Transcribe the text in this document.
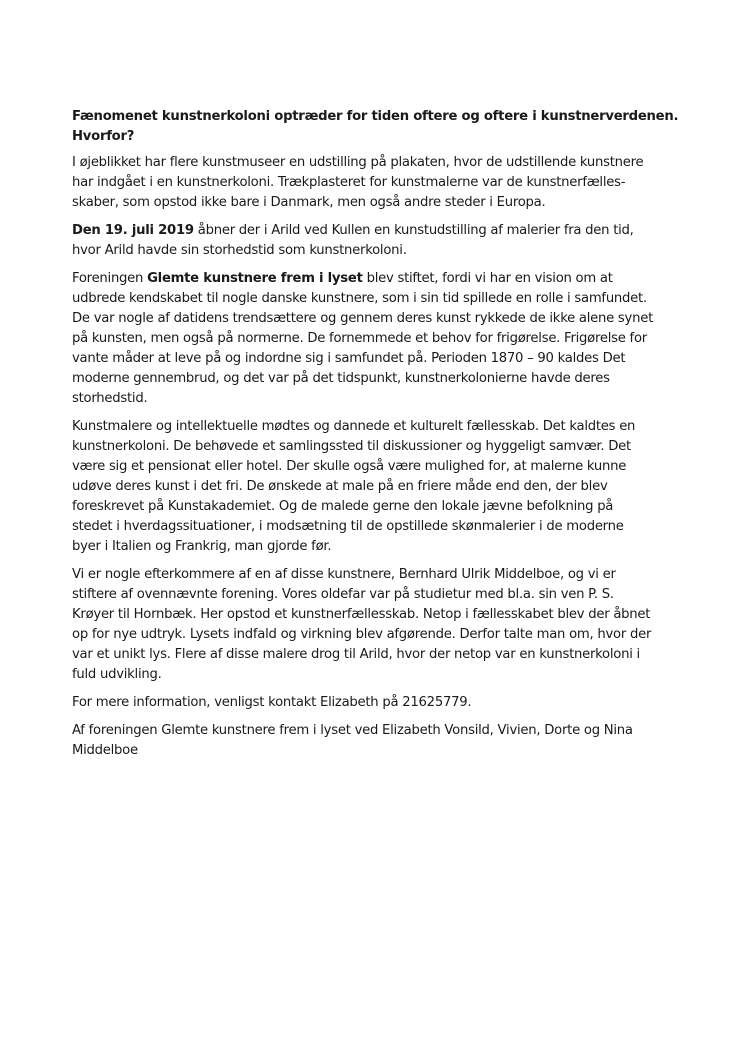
Fænomenet kunstnerkoloni optræder for tiden oftere og oftere i kunstnerverdenen.
Hvorfor?

I øjeblikket har flere kunstmuseer en udstilling på plakaten, hvor de udstillende kunstnere
har indgået i en kunstnerkoloni. Trækplasteret for kunstmalerne var de kunstnerfælles-
skaber, som opstod ikke bare i Danmark, men også andre steder i Europa.

Den 19. juli 2019 åbner der i Arild ved Kullen en kunstudstilling af malerier fra den tid,
hvor Arild havde sin storhedstid som kunstnerkoloni.

Foreningen Glemte kunstnere frem i lyset blev stiftet, fordi vi har en vision om at
udbrede kendskabet til nogle danske kunstnere, som i sin tid spillede en rolle i samfundet.
De var nogle af datidens trendsættere og gennem deres kunst rykkede de ikke alene synet
på kunsten, men også på normerne. De fornemmede et behov for frigørelse. Frigørelse for
vante måder at leve på og indordne sig i samfundet på. Perioden 1870 – 90 kaldes Det
moderne gennembrud, og det var på det tidspunkt, kunstnerkolonierne havde deres
storhedstid.

Kunstmalere og intellektuelle mødtes og dannede et kulturelt fællesskab. Det kaldtes en
kunstnerkoloni. De behøvede et samlingssted til diskussioner og hyggeligt samvær. Det
være sig et pensionat eller hotel. Der skulle også være mulighed for, at malerne kunne
udøve deres kunst i det fri. De ønskede at male på en friere måde end den, der blev
foreskrevet på Kunstakademiet. Og de malede gerne den lokale jævne befolkning på
stedet i hverdagssituationer, i modsætning til de opstillede skønmalerier i de moderne
byer i Italien og Frankrig, man gjorde før.

Vi er nogle efterkommere af en af disse kunstnere, Bernhard Ulrik Middelboe, og vi er
stiftere af ovennævnte forening. Vores oldefar var på studietur med bl.a. sin ven P. S.
Krøyer til Hornbæk. Her opstod et kunstnerfællesskab. Netop i fællesskabet blev der åbnet
op for nye udtryk. Lysets indfald og virkning blev afgørende. Derfor talte man om, hvor der
var et unikt lys. Flere af disse malere drog til Arild, hvor der netop var en kunstnerkoloni i
fuld udvikling.

For mere information, venligst kontakt Elizabeth på 21625779.

Af foreningen Glemte kunstnere frem i lyset ved Elizabeth Vonsild, Vivien, Dorte og Nina
Middelboe
